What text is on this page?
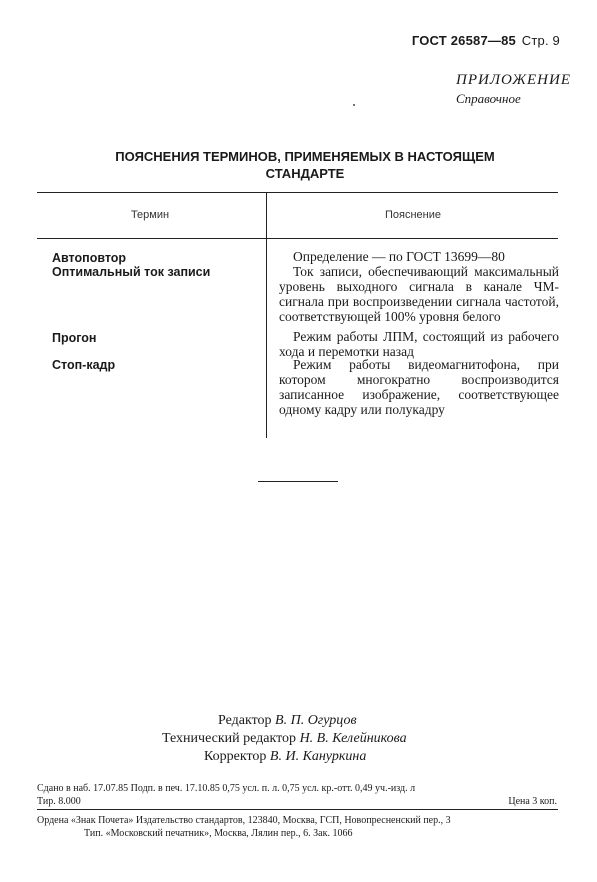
ГОСТ 26587—85 Стр. 9
ПРИЛОЖЕНИЕ
Справочное
ПОЯСНЕНИЯ ТЕРМИНОВ, ПРИМЕНЯЕМЫХ В НАСТОЯЩЕМ
СТАНДАРТЕ
Термин	Пояснение
Автоповтор
Оптимальный ток записи
Прогон
Стоп-кадр

Определение — по ГОСТ 13699—80

Ток записи, обеспечивающий максимальный уровень выходного сигнала в канале ЧМ-сигнала при воспроизведении сигнала частотой, соответствующей 100% уровня белого

Режим работы ЛПМ, состоящий из рабочего хода и перемотки назад

Режим работы видеомагнитофона, при котором многократно воспроизводится записанное изображение, соответствующее одному кадру или полукадру

Редактор В. П. Огурцов
Технический редактор Н. В. Келейникова
Корректор В. И. Кануркина
Сдано в наб. 17.07.85 Подп. в печ. 17.10.85 0,75 усл. п. л. 0,75 усл. кр.-отт. 0,49 уч.-изд. л
Тир. 8.000	Цена 3 коп.
Ордена «Знак Почета» Издательство стандартов, 123840, Москва, ГСП, Новопресненский пер., 3
Тип. «Московский печатник», Москва, Лялин пер., 6. Зак. 1066
